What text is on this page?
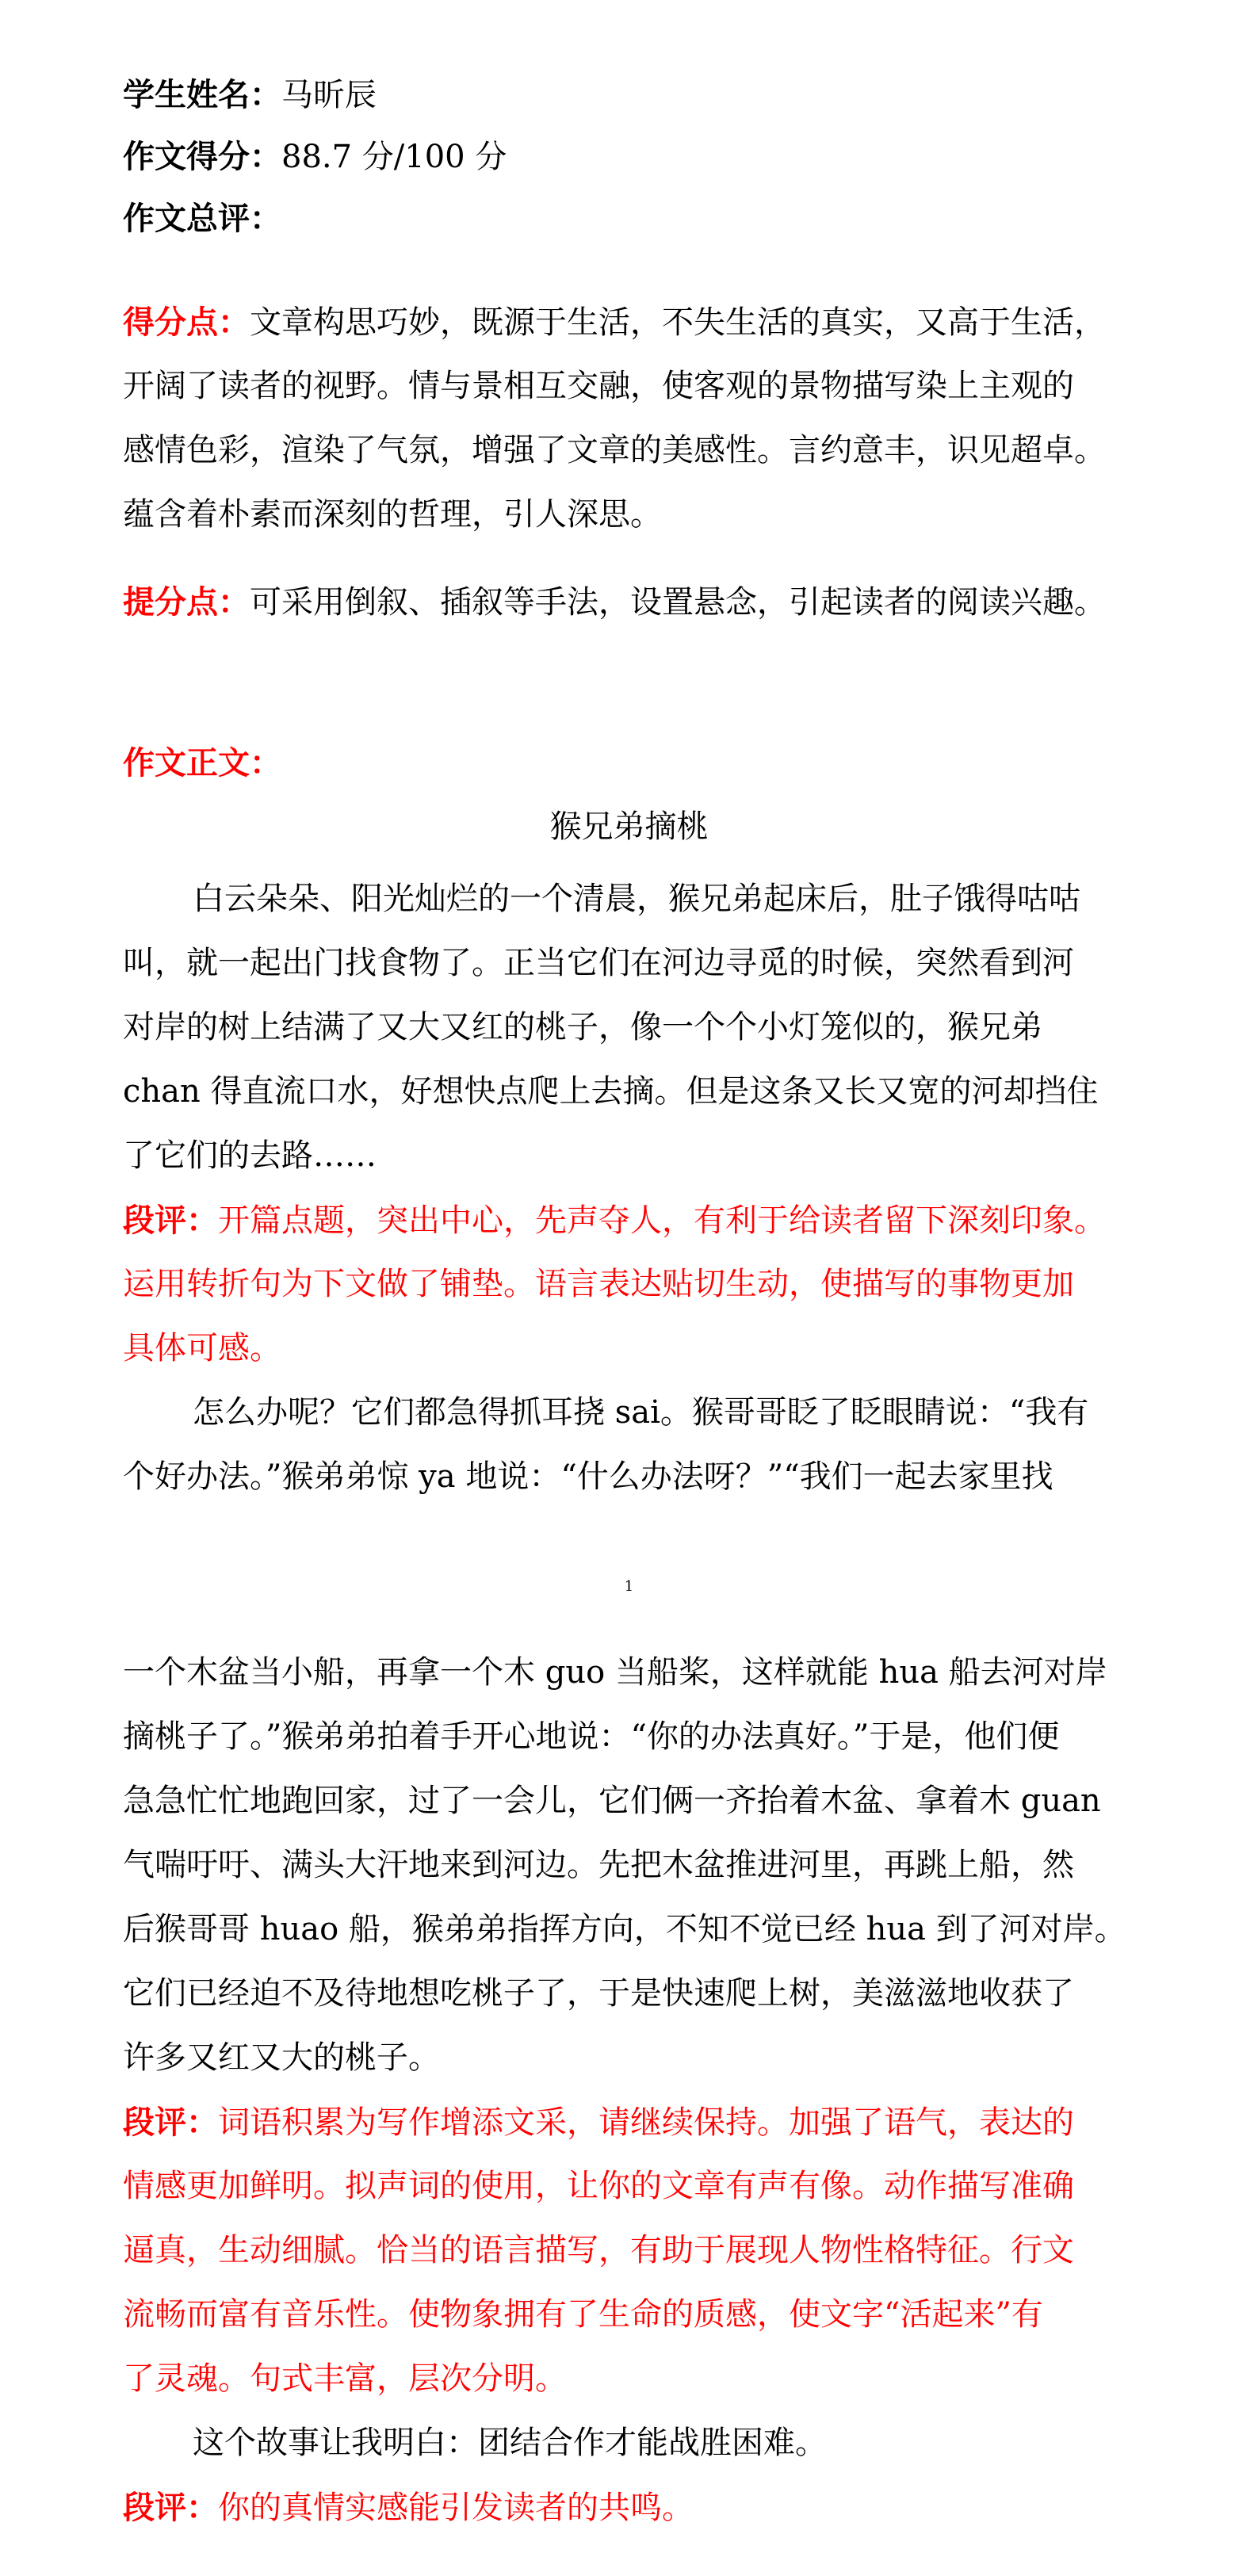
学生姓名：马昕辰
作文得分：88.7 分/100 分
作文总评：
得分点：文章构思巧妙，既源于生活，不失生活的真实，又高于生活，
开阔了读者的视野。情与景相互交融，使客观的景物描写染上主观的
感情色彩，渲染了气氛，增强了文章的美感性。言约意丰，识见超卓。
蕴含着朴素而深刻的哲理，引人深思。
提分点：可采用倒叙、插叙等手法，设置悬念，引起读者的阅读兴趣。
作文正文：
猴兄弟摘桃
白云朵朵、阳光灿烂的一个清晨，猴兄弟起床后，肚子饿得咕咕
叫，就一起出门找食物了。正当它们在河边寻觅的时候，突然看到河
对岸的树上结满了又大又红的桃子，像一个个小灯笼似的，猴兄弟
chan 得直流口水，好想快点爬上去摘。但是这条又长又宽的河却挡住
了它们的去路……
段评：开篇点题，突出中心，先声夺人，有利于给读者留下深刻印象。
运用转折句为下文做了铺垫。语言表达贴切生动，使描写的事物更加
具体可感。
怎么办呢？它们都急得抓耳挠 sai。猴哥哥眨了眨眼睛说：“我有
个好办法。”猴弟弟惊 ya 地说：“什么办法呀？”“我们一起去家里找
1
一个木盆当小船，再拿一个木 guo 当船桨，这样就能 hua 船去河对岸
摘桃子了。”猴弟弟拍着手开心地说：“你的办法真好。”于是，他们便
急急忙忙地跑回家，过了一会儿，它们俩一齐抬着木盆、拿着木 guan
气喘吁吁、满头大汗地来到河边。先把木盆推进河里，再跳上船，然
后猴哥哥 huao 船，猴弟弟指挥方向，不知不觉已经 hua 到了河对岸。
它们已经迫不及待地想吃桃子了，于是快速爬上树，美滋滋地收获了
许多又红又大的桃子。
段评：词语积累为写作增添文采，请继续保持。加强了语气，表达的
情感更加鲜明。拟声词的使用，让你的文章有声有像。动作描写准确
逼真，生动细腻。恰当的语言描写，有助于展现人物性格特征。行文
流畅而富有音乐性。使物象拥有了生命的质感，使文字“活起来”有
了灵魂。句式丰富，层次分明。
这个故事让我明白：团结合作才能战胜困难。
段评：你的真情实感能引发读者的共鸣。
